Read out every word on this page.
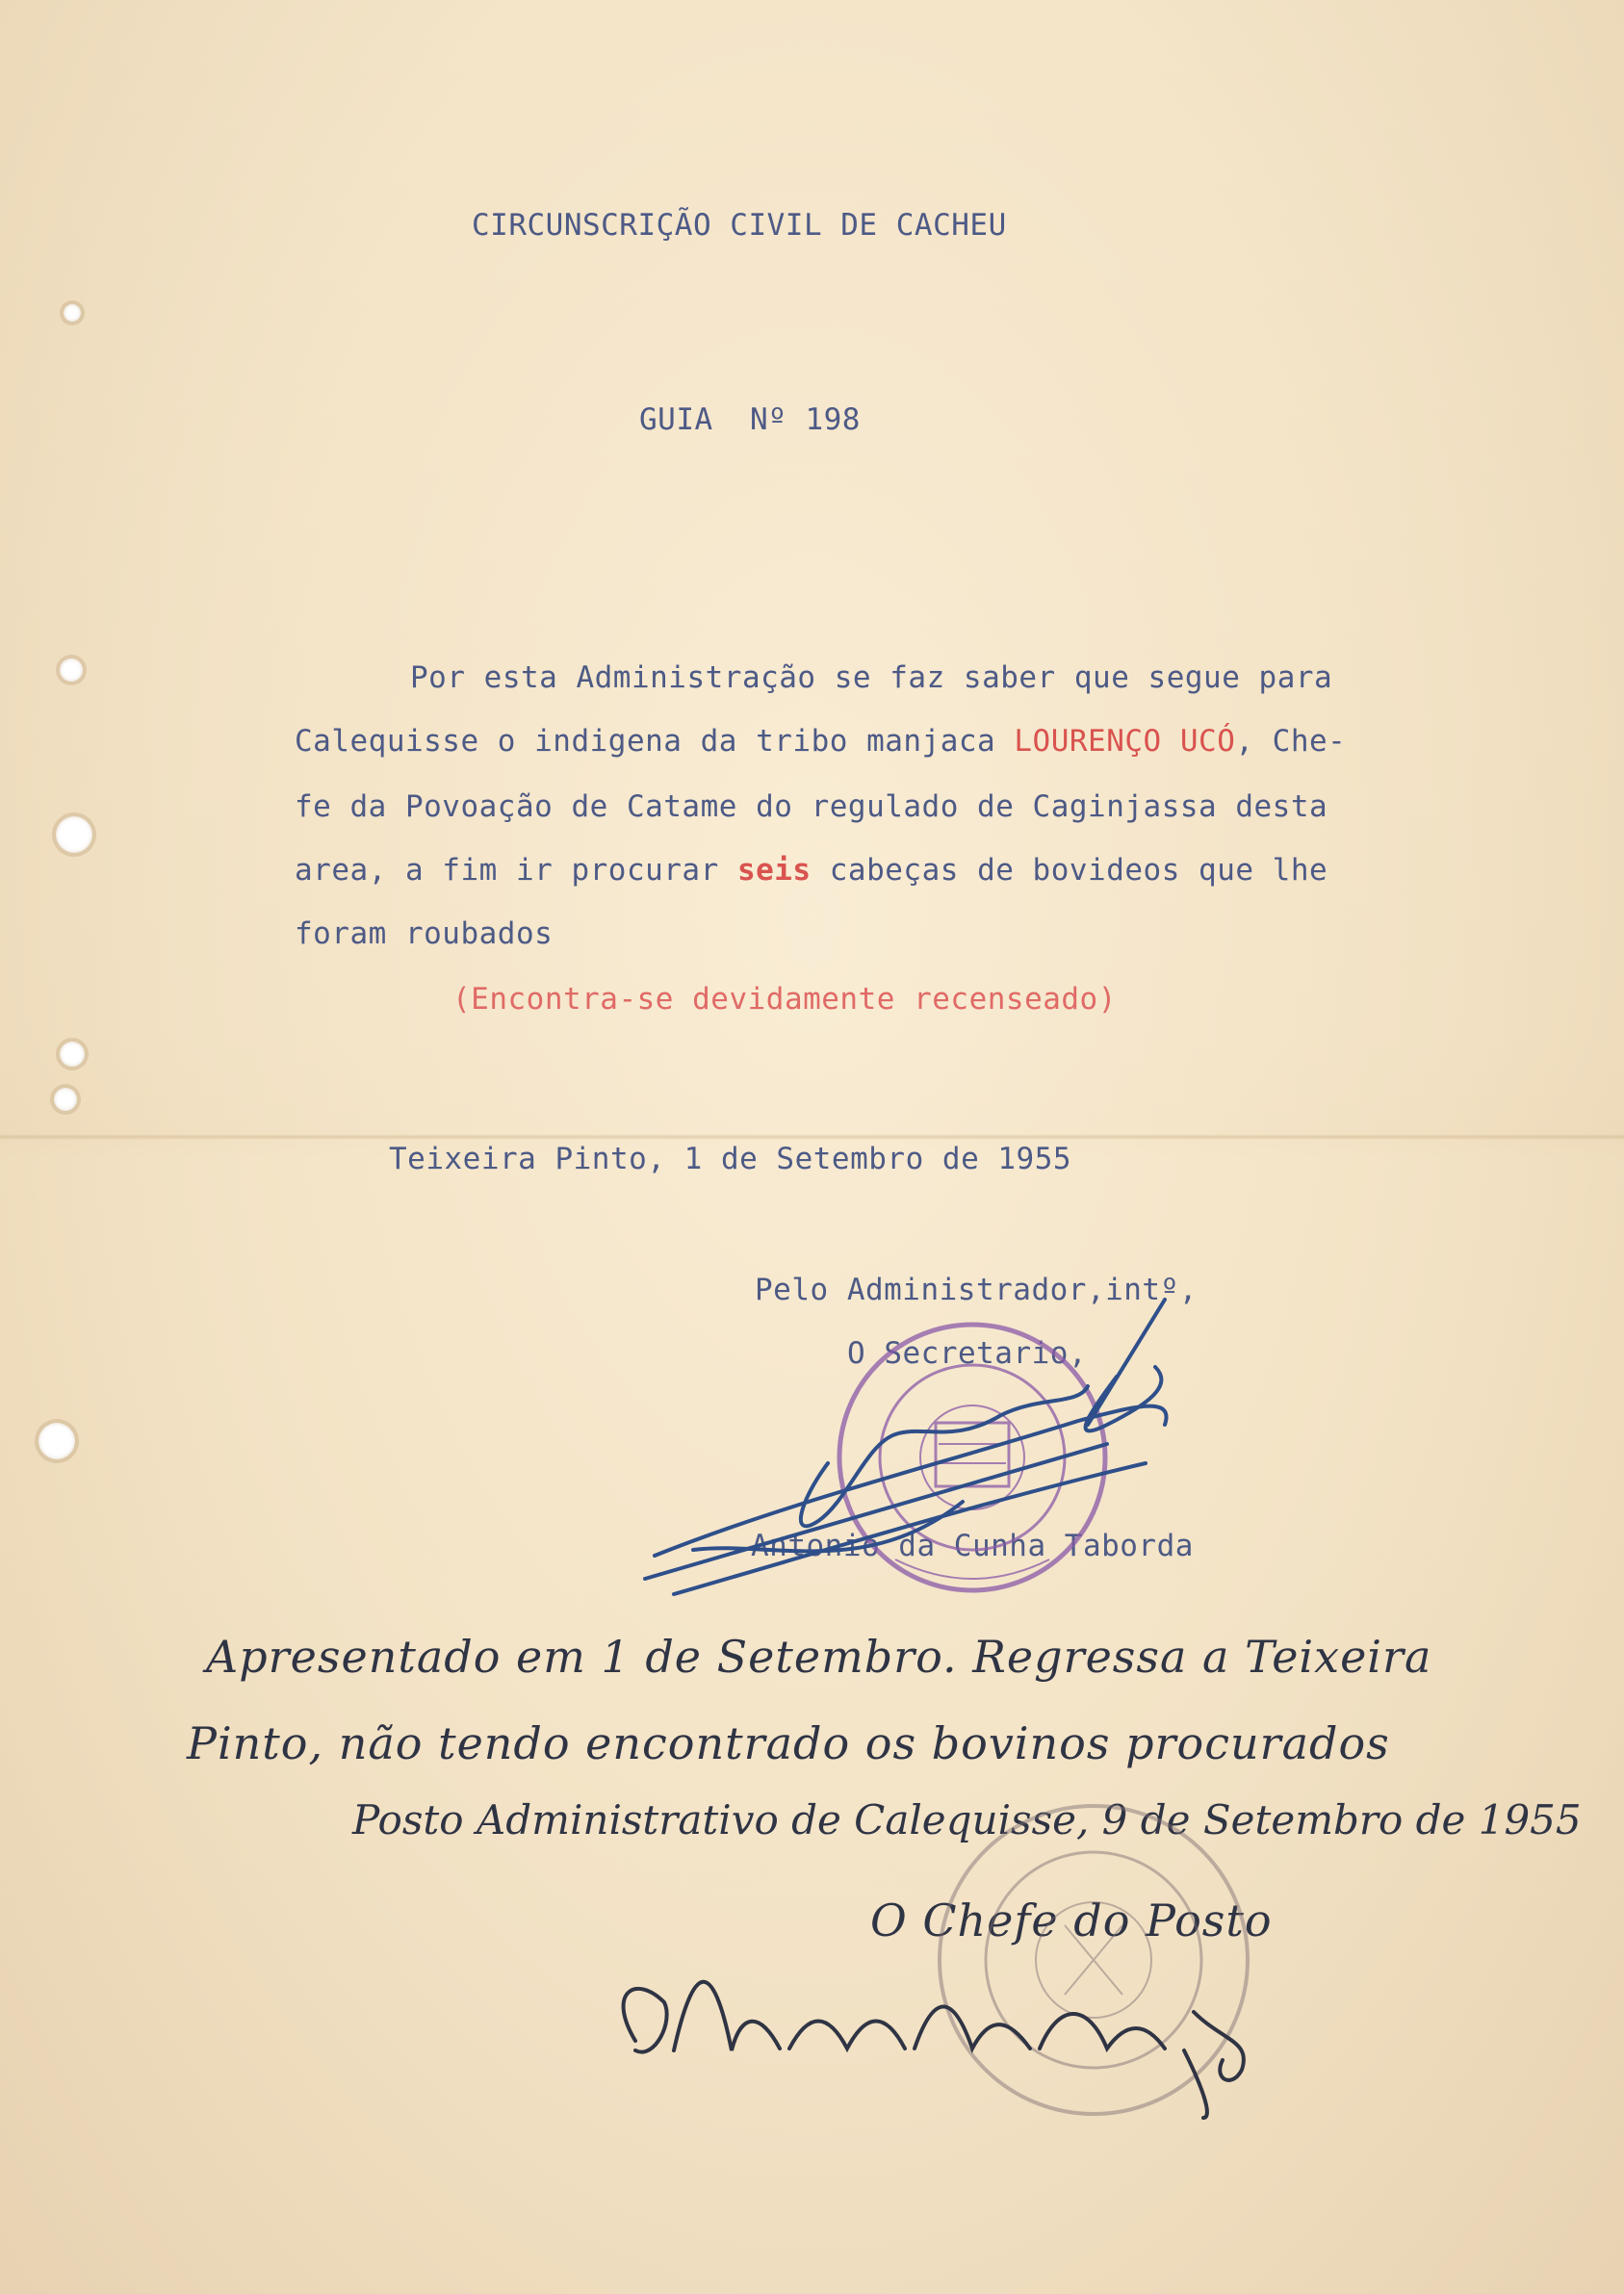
CIRCUNSCRIÇÃO CIVIL DE CACHEU
GUIA  Nº 198
Por esta Administração se faz saber que segue para
Calequisse o indigena da tribo manjaca LOURENÇO UCÓ, Che-
fe da Povoação de Catame do regulado de Caginjassa desta
area, a fim ir procurar seis cabeças de bovideos que lhe
foram roubados
(Encontra-se devidamente recenseado)
Teixeira Pinto, 1 de Setembro de 1955
Pelo Administrador,intº,
O Secretario,
Antonio da Cunha Taborda
Apresentado em 1 de Setembro. Regressa a Teixeira
Pinto, não tendo encontrado os bovinos procurados
Posto Administrativo de Calequisse, 9 de Setembro de 1955
O Chefe do Posto
